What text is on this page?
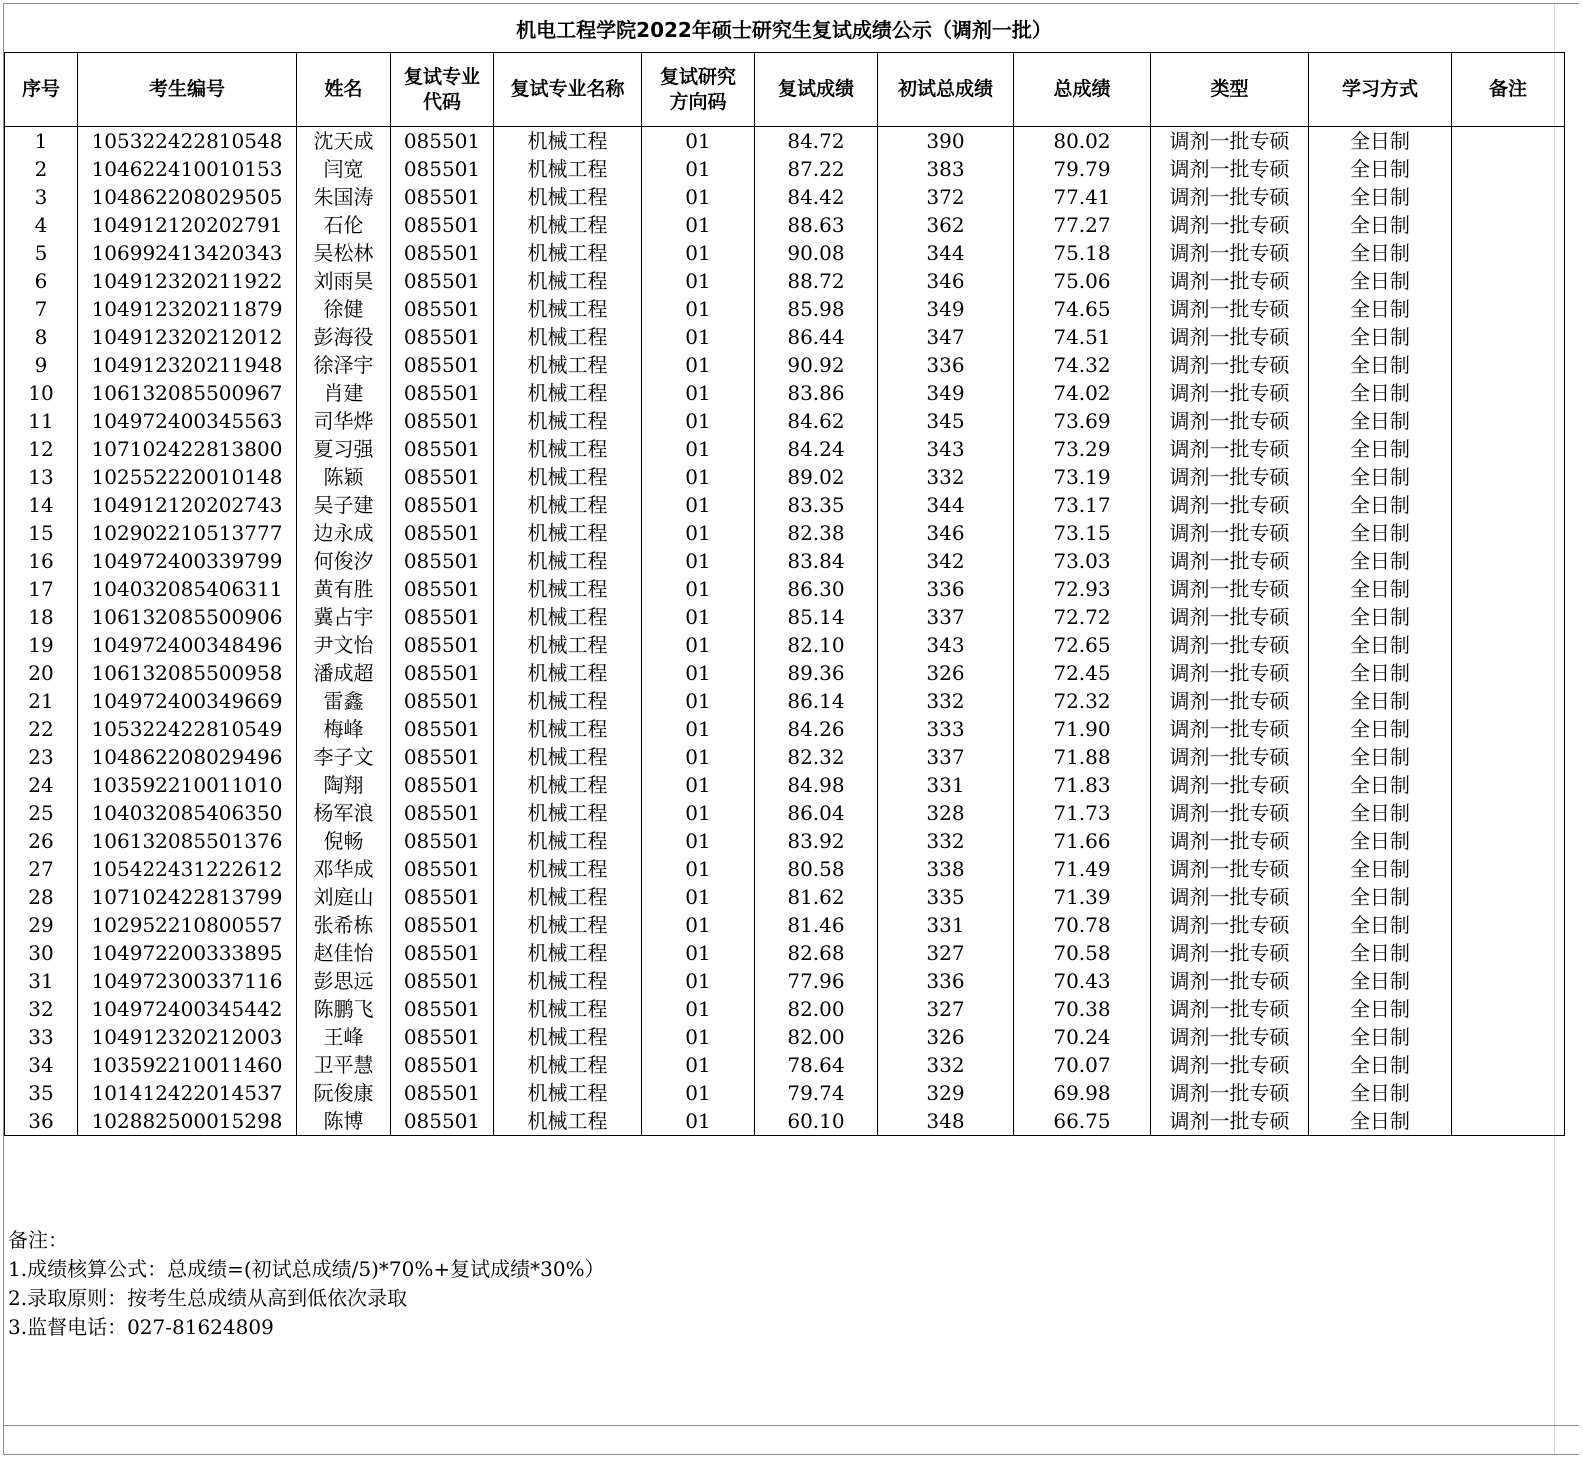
机电工程学院2022年硕士研究生复试成绩公示（调剂一批）
序号	考生编号	姓名	复试专业代码	复试专业名称	复试研究方向码	复试成绩	初试总成绩	总成绩	类型	学习方式	备注
1	105322422810548	沈天成	085501	机械工程	01	84.72	390	80.02	调剂一批专硕	全日制	
2	104622410010153	闫宽	085501	机械工程	01	87.22	383	79.79	调剂一批专硕	全日制	
3	104862208029505	朱国涛	085501	机械工程	01	84.42	372	77.41	调剂一批专硕	全日制	
4	104912120202791	石伦	085501	机械工程	01	88.63	362	77.27	调剂一批专硕	全日制	
5	106992413420343	吴松林	085501	机械工程	01	90.08	344	75.18	调剂一批专硕	全日制	
6	104912320211922	刘雨昊	085501	机械工程	01	88.72	346	75.06	调剂一批专硕	全日制	
7	104912320211879	徐健	085501	机械工程	01	85.98	349	74.65	调剂一批专硕	全日制	
8	104912320212012	彭海役	085501	机械工程	01	86.44	347	74.51	调剂一批专硕	全日制	
9	104912320211948	徐泽宇	085501	机械工程	01	90.92	336	74.32	调剂一批专硕	全日制	
10	106132085500967	肖建	085501	机械工程	01	83.86	349	74.02	调剂一批专硕	全日制	
11	104972400345563	司华烨	085501	机械工程	01	84.62	345	73.69	调剂一批专硕	全日制	
12	107102422813800	夏习强	085501	机械工程	01	84.24	343	73.29	调剂一批专硕	全日制	
13	102552220010148	陈颖	085501	机械工程	01	89.02	332	73.19	调剂一批专硕	全日制	
14	104912120202743	吴子建	085501	机械工程	01	83.35	344	73.17	调剂一批专硕	全日制	
15	102902210513777	边永成	085501	机械工程	01	82.38	346	73.15	调剂一批专硕	全日制	
16	104972400339799	何俊汐	085501	机械工程	01	83.84	342	73.03	调剂一批专硕	全日制	
17	104032085406311	黄有胜	085501	机械工程	01	86.30	336	72.93	调剂一批专硕	全日制	
18	106132085500906	冀占宇	085501	机械工程	01	85.14	337	72.72	调剂一批专硕	全日制	
19	104972400348496	尹文怡	085501	机械工程	01	82.10	343	72.65	调剂一批专硕	全日制	
20	106132085500958	潘成超	085501	机械工程	01	89.36	326	72.45	调剂一批专硕	全日制	
21	104972400349669	雷鑫	085501	机械工程	01	86.14	332	72.32	调剂一批专硕	全日制	
22	105322422810549	梅峰	085501	机械工程	01	84.26	333	71.90	调剂一批专硕	全日制	
23	104862208029496	李子文	085501	机械工程	01	82.32	337	71.88	调剂一批专硕	全日制	
24	103592210011010	陶翔	085501	机械工程	01	84.98	331	71.83	调剂一批专硕	全日制	
25	104032085406350	杨军浪	085501	机械工程	01	86.04	328	71.73	调剂一批专硕	全日制	
26	106132085501376	倪畅	085501	机械工程	01	83.92	332	71.66	调剂一批专硕	全日制	
27	105422431222612	邓华成	085501	机械工程	01	80.58	338	71.49	调剂一批专硕	全日制	
28	107102422813799	刘庭山	085501	机械工程	01	81.62	335	71.39	调剂一批专硕	全日制	
29	102952210800557	张希栋	085501	机械工程	01	81.46	331	70.78	调剂一批专硕	全日制	
30	104972200333895	赵佳怡	085501	机械工程	01	82.68	327	70.58	调剂一批专硕	全日制	
31	104972300337116	彭思远	085501	机械工程	01	77.96	336	70.43	调剂一批专硕	全日制	
32	104972400345442	陈鹏飞	085501	机械工程	01	82.00	327	70.38	调剂一批专硕	全日制	
33	104912320212003	王峰	085501	机械工程	01	82.00	326	70.24	调剂一批专硕	全日制	
34	103592210011460	卫平慧	085501	机械工程	01	78.64	332	70.07	调剂一批专硕	全日制	
35	101412422014537	阮俊康	085501	机械工程	01	79.74	329	69.98	调剂一批专硕	全日制	
36	102882500015298	陈博	085501	机械工程	01	60.10	348	66.75	调剂一批专硕	全日制	
备注：
1.成绩核算公式：总成绩=(初试总成绩/5)*70%+复试成绩*30%）
2.录取原则：按考生总成绩从高到低依次录取
3.监督电话：027-81624809
